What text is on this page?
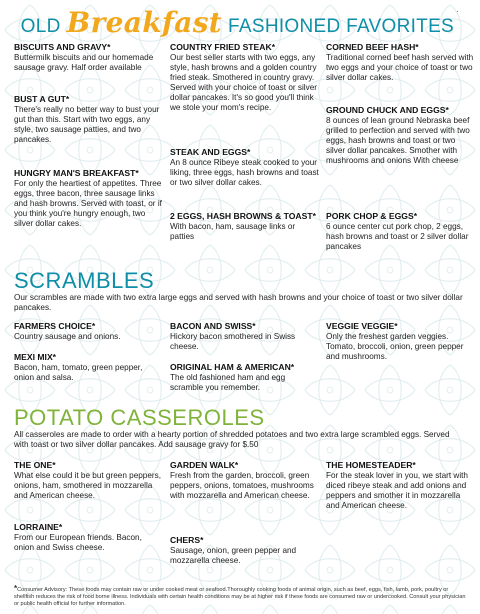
OLD Breakfast FASHIONED FAVORITES
·
BISCUITS AND GRAVY*
Buttermilk biscuits and our homemade sausage gravy. Half order available
BUST A GUT*
There's really no better way to bust your gut than this. Start with two eggs, any style, two sausage patties, and two pancakes.
HUNGRY MAN'S BREAKFAST*
For only the heartiest of appetites. Three eggs, three bacon, three sausage links and hash browns. Served with toast, or if you think you're hungry enough, two silver dollar cakes.
COUNTRY FRIED STEAK*
Our best seller starts with two eggs, any style, hash browns and a golden country fried steak. Smothered in country gravy. Served with your choice of toast or silver dollar pancakes. It's so good you'll think we stole your mom's recipe.
STEAK AND EGGS*
An 8 ounce Ribeye steak cooked to your liking, three eggs, hash browns and toast or two silver dollar cakes.
2 EGGS, HASH BROWNS & TOAST*
With bacon, ham, sausage links or patties
CORNED BEEF HASH*
Traditional corned beef hash served with two eggs and your choice of toast or two silver dollar cakes.
GROUND CHUCK AND EGGS*
8 ounces of lean ground Nebraska beef grilled to perfection and served with two eggs, hash browns and toast or two silver dollar pancakes. Smother with mushrooms and onions With cheese
PORK CHOP & EGGS*
6 ounce center cut pork chop, 2 eggs, hash browns and toast or 2 silver dollar pancakes
SCRAMBLES
Our scrambles are made with two extra large eggs and served with hash browns and your choice of toast or two silver dollar pancakes.
FARMERS CHOICE*
Country sausage and onions.
MEXI MIX*
Bacon, ham, tomato, green pepper, onion and salsa.
BACON AND SWISS*
Hickory bacon smothered in Swiss cheese.
ORIGINAL HAM & AMERICAN*
The old fashioned ham and egg scramble you remember.
VEGGIE VEGGIE*
Only the freshest garden veggies. Tomato, broccoli, onion, green pepper and mushrooms.
POTATO CASSEROLES
All casseroles are made to order with a hearty portion of shredded potatoes and two extra large scrambled eggs. Served with toast or two silver dollar pancakes. Add sausage gravy for $.50
THE ONE*
What else could it be but green peppers, onions, ham, smothered in mozzarella and American cheese.
LORRAINE*
From our European friends. Bacon, onion and Swiss cheese.
GARDEN WALK*
Fresh from the garden, broccoli, green peppers, onions, tomatoes, mushrooms with mozzarella and American cheese.
CHERS*
Sausage, onion, green pepper and mozzarella cheese.
THE HOMESTEADER*
For the steak lover in you, we start with diced ribeye steak and add onions and peppers and smother it in mozzarella and American cheese.
*Consumer Advisory: These foods may contain raw or under cooked meat or seafood.Thoroughly cooking foods of animal origin, such as beef, eggs, fish, lamb, pork, poultry or shellfish reduces the risk of food borne illness. Individuals with certain health conditions may be at higher risk if these foods are consumed raw or undercooked. Consult your physician or public health official for further information.
